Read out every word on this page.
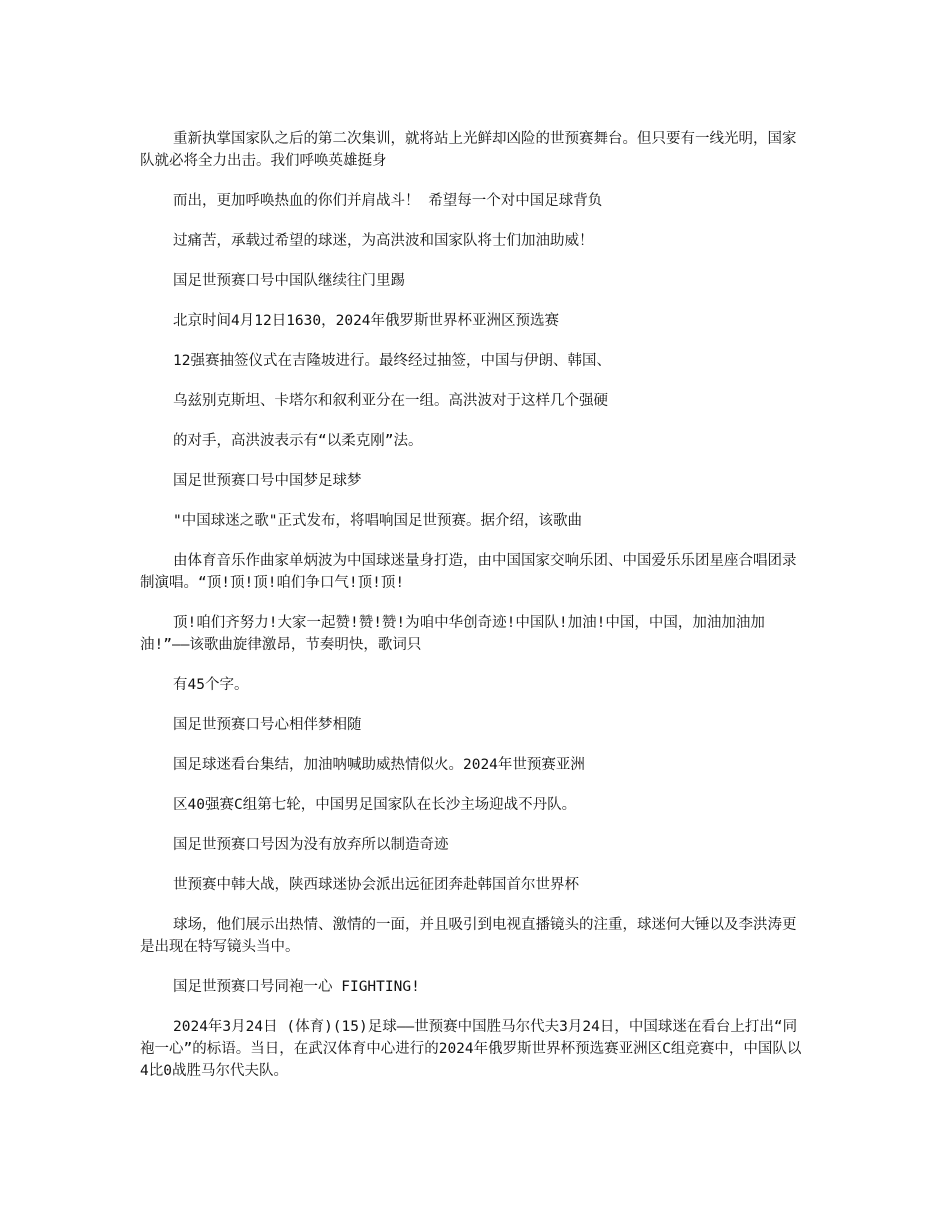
重新执掌国家队之后的第二次集训，就将站上光鲜却凶险的世预赛舞台。但只要有一线光明，国家队就必将全力出击。我们呼唤英雄挺身

而出，更加呼唤热血的你们并肩战斗！ 希望每一个对中国足球背负

过痛苦，承载过希望的球迷，为高洪波和国家队将士们加油助威！

国足世预赛口号中国队继续往门里踢

北京时间4月12日1630，2024年俄罗斯世界杯亚洲区预选赛

12强赛抽签仪式在吉隆坡进行。最终经过抽签，中国与伊朗、韩国、

乌兹别克斯坦、卡塔尔和叙利亚分在一组。高洪波对于这样几个强硬

的对手，高洪波表示有“以柔克刚”法。

国足世预赛口号中国梦足球梦

"中国球迷之歌"正式发布，将唱响国足世预赛。据介绍，该歌曲

由体育音乐作曲家单炳波为中国球迷量身打造，由中国国家交响乐团、中国爱乐乐团星座合唱团录制演唱。“顶!顶!顶!咱们争口气!顶!顶!

顶!咱们齐努力!大家一起赞!赞!赞!为咱中华创奇迹!中国队!加油!中国，中国，加油加油加油!”——该歌曲旋律激昂，节奏明快，歌词只

有45个字。

国足世预赛口号心相伴梦相随

国足球迷看台集结，加油呐喊助威热情似火。2024年世预赛亚洲

区40强赛C组第七轮，中国男足国家队在长沙主场迎战不丹队。

国足世预赛口号因为没有放弃所以制造奇迹

世预赛中韩大战，陕西球迷协会派出远征团奔赴韩国首尔世界杯

球场，他们展示出热情、激情的一面，并且吸引到电视直播镜头的注重，球迷何大锤以及李洪涛更是出现在特写镜头当中。

国足世预赛口号同袍一心 FIGHTING!

2024年3月24日 (体育)(15)足球——世预赛中国胜马尔代夫3月24日，中国球迷在看台上打出“同袍一心”的标语。当日，在武汉体育中心进行的2024年俄罗斯世界杯预选赛亚洲区C组竞赛中，中国队以4比0战胜马尔代夫队。
